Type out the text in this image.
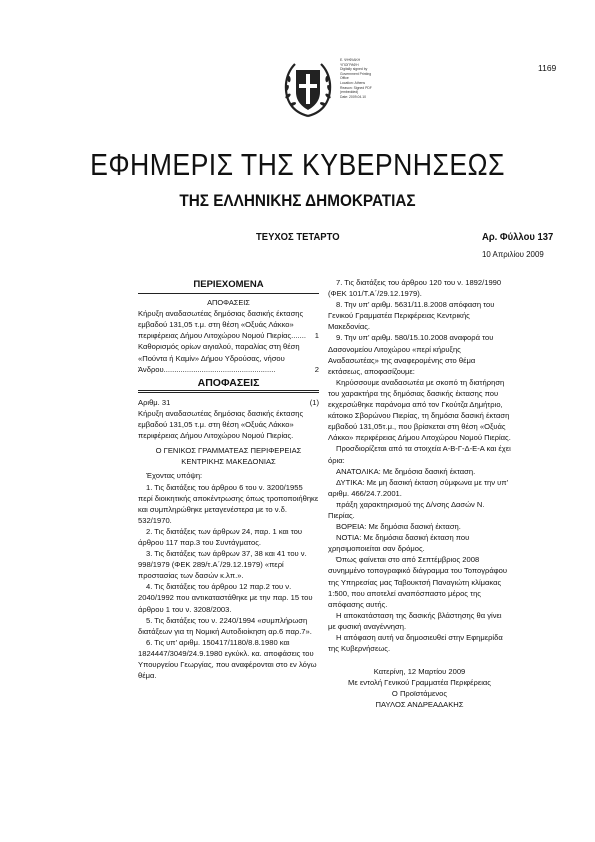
Ε. ΨΗΦΙΑΚΗ
ΥΠΟΓΡΑΦΗ
Digitally signed by
Government Printing
Office
Location: Athens
Reason: Signed PDF
(embedded)
Date: 2009.04.10
1169
ΕΦΗΜΕΡΙΣ ΤΗΣ ΚΥΒΕΡΝΗΣΕΩΣ
ΤΗΣ ΕΛΛΗΝΙΚΗΣ ΔΗΜΟΚΡΑΤΙΑΣ
ΤΕΥΧΟΣ ΤΕΤΑΡΤΟ	Αρ. Φύλλου 137
10 Απριλίου 2009

ΠΕΡΙΕΧΟΜΕΝΑ

ΑΠΟΦΑΣΕΙΣ

Κήρυξη αναδασωτέας δημόσιας δασικής έκτασης εμβαδού 131,05 τ.μ. στη θέση «Οξυάς Λάκκο» περιφέρειας Δήμου Λιτοχώρου Νομού Πιερίας....... 1

Καθορισμός ορίων αιγιαλού, παραλίας στη θέση «Πούντα ή Καμίν» Δήμου Υδρούσας, νήσου Άνδρου.....................................................	2

ΑΠΟΦΑΣΕΙΣ

Αριθμ. 31	(1)

Κήρυξη αναδασωτέας δημόσιας δασικής έκτασης εμβαδού 131,05 τ.μ. στη θέση «Οξυάς Λάκκο» περιφέρειας Δήμου Λιτοχώρου Νομού Πιερίας.

Ο ΓΕΝΙΚΟΣ ΓΡΑΜΜΑΤΕΑΣ ΠΕΡΙΦΕΡΕΙΑΣ

ΚΕΝΤΡΙΚΗΣ ΜΑΚΕΔΟΝΙΑΣ

Έχοντας υπόψη:

1. Τις διατάξεις του άρθρου 6 του ν. 3200/1955 περί διοικητικής αποκέντρωσης όπως τροποποιήθηκε και συμπληρώθηκε μεταγενέστερα με το ν.δ. 532/1970.

2. Τις διατάξεις των άρθρων 24, παρ. 1 και του άρθρου 117 παρ.3 του Συντάγματος.

3. Τις διατάξεις των άρθρων 37, 38 και 41 του ν. 998/1979 (ΦΕΚ 289/τ.Α΄/29.12.1979) «περί προστασίας των δασών κ.λπ.».

4. Τις διατάξεις του άρθρου 12 παρ.2 του ν. 2040/1992 που αντικαταστάθηκε με την παρ. 15 του άρθρου 1 του ν. 3208/2003.

5. Τις διατάξεις του ν. 2240/1994 «συμπλήρωση διατάξεων για τη Νομική Αυτοδιοίκηση αρ.6 παρ.7».

6. Τις υπ’ αριθμ. 150417/1180/8.8.1980 και 1824447/3049/24.9.1980 εγκύκλ. κα. αποφάσεις του Υπουργείου Γεωργίας, που αναφέρονται στο εν λόγω θέμα.

7. Τις διατάξεις του άρθρου 120 του ν. 1892/1990 (ΦΕΚ 101/Τ.Α΄/29.12.1979).

8. Την υπ’ αριθμ. 5631/11.8.2008 απόφαση του Γενικού Γραμματέα Περιφέρειας Κεντρικής Μακεδονίας.

9. Την υπ’ αριθμ. 580/15.10.2008 αναφορά του Δασονομείου Λιτοχώρου «περί κήρυξης Αναδασωτέας» της αναφερομένης στο θέμα εκτάσεως, αποφασίζουμε:

Κηρύσσουμε αναδασωτέα με σκοπό τη διατήρηση του χαρακτήρα της δημόσιας δασικής έκτασης που εκχερσώθηκε παράνομα από τον Γκούτζα Δημήτριο, κάτοικο Σβορώνου Πιερίας, τη δημόσια δασική έκταση εμβαδού 131,05τ.μ., που βρίσκεται στη θέση «Οξυάς Λάκκο» περιφέρειας Δήμου Λιτοχώρου Νομού Πιερίας.

Προσδιορίζεται από τα στοιχεία Α-Β-Γ-Δ-Ε-Α και έχει όρια:

ΑΝΑΤΟΛΙΚΑ: Με δημόσια δασική έκταση.

ΔΥΤΙΚΑ: Με μη δασική έκταση σύμφωνα με την υπ’ αριθμ. 466/24.7.2001.

πράξη χαρακτηρισμού της Δ/νσης Δασών Ν. Πιερίας.

ΒΟΡΕΙΑ: Με δημόσια δασική έκταση.

ΝΟΤΙΑ: Με δημόσια δασική έκταση που χρησιμοποιείται σαν δρόμος.

Όπως φαίνεται στο από Σεπτέμβριος 2008 συνημμένο τοπογραφικό διάγραμμα του Τοπογράφου της Υπηρεσίας μας Ταβουκτσή Παναγιώτη κλίμακας 1:500, που αποτελεί αναπόσπαστο μέρος της απόφασης αυτής.

Η αποκατάσταση της δασικής βλάστησης θα γίνει με φυσική αναγέννηση.

Η απόφαση αυτή να δημοσιευθεί στην Εφημερίδα της Κυβερνήσεως.

Κατερίνη, 12 Μαρτίου 2009

Με εντολή Γενικού Γραμματέα Περιφέρειας

Ο Προϊστάμενος

ΠΑΥΛΟΣ ΑΝΔΡΕΑΔΑΚΗΣ
